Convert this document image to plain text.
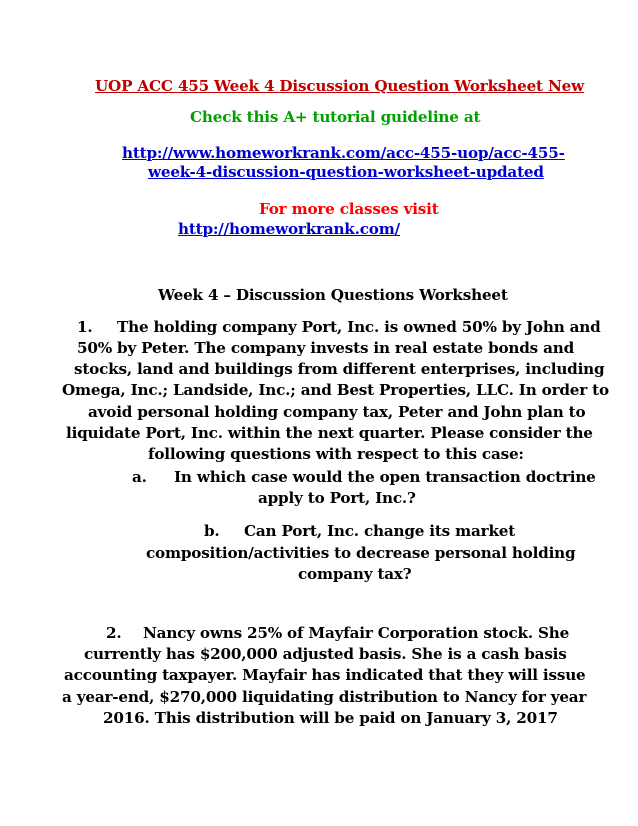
UOP ACC 455 Week 4 Discussion Question Worksheet New
Check this A+ tutorial guideline at
http://www.homeworkrank.com/acc-455-uop/acc-455-
week-4-discussion-question-worksheet-updated
For more classes visit
http://homeworkrank.com/
Week 4 – Discussion Questions Worksheet
1. The holding company Port, Inc. is owned 50% by John and
50% by Peter. The company invests in real estate bonds and
stocks, land and buildings from different enterprises, including
Omega, Inc.; Landside, Inc.; and Best Properties, LLC. In order to
avoid personal holding company tax, Peter and John plan to
liquidate Port, Inc. within the next quarter. Please consider the
following questions with respect to this case:
a. In which case would the open transaction doctrine
apply to Port, Inc.?
b. Can Port, Inc. change its market
composition/activities to decrease personal holding
company tax?
2. Nancy owns 25% of Mayfair Corporation stock. She
currently has $200,000 adjusted basis. She is a cash basis
accounting taxpayer. Mayfair has indicated that they will issue
a year-end, $270,000 liquidating distribution to Nancy for year
2016. This distribution will be paid on January 3, 2017
